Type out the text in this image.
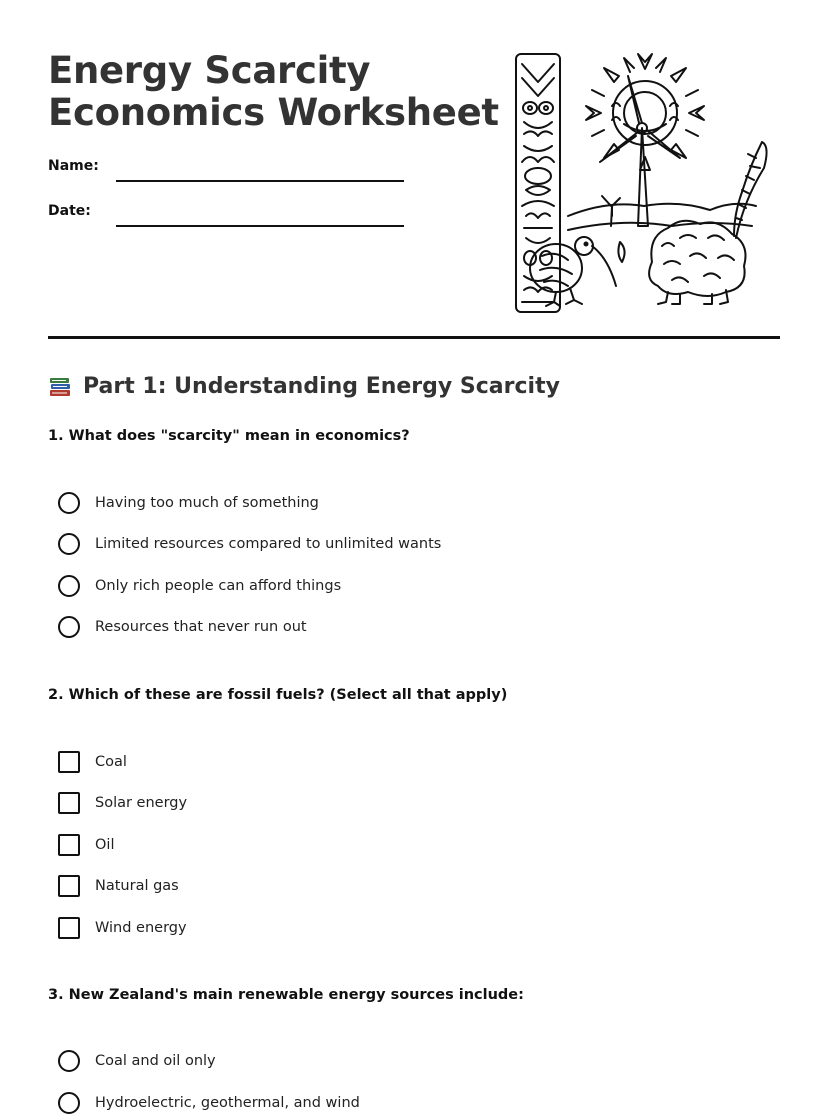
Energy Scarcity
Economics Worksheet
Name:
Date:
Part 1: Understanding Energy Scarcity

1. What does "scarcity" mean in economics?

Having too much of something
Limited resources compared to unlimited wants
Only rich people can afford things
Resources that never run out

2. Which of these are fossil fuels? (Select all that apply)

Coal
Solar energy
Oil
Natural gas
Wind energy

3. New Zealand's main renewable energy sources include:

Coal and oil only
Hydroelectric, geothermal, and wind
